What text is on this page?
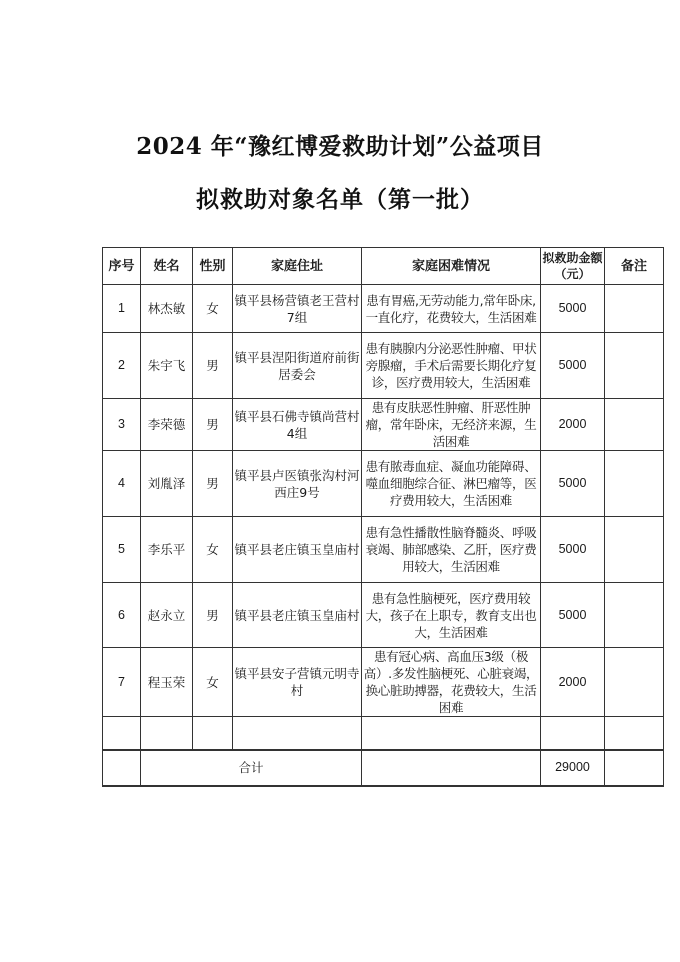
2024 年“豫红博爱救助计划”公益项目
拟救助对象名单（第一批）
序号	姓名	性别	家庭住址	家庭困难情况	拟救助金额（元）	备注
1	林杰敏	女	镇平县杨营镇老王营村7组	患有胃癌,无劳动能力,常年卧床,一直化疗，花费较大，生活困难	5000	
2	朱宇飞	男	镇平县涅阳街道府前街居委会	患有胰腺内分泌恶性肿瘤、甲状旁腺瘤，手术后需要长期化疗复诊，医疗费用较大，生活困难	5000	
3	李荣德	男	镇平县石佛寺镇尚营村4组	患有皮肤恶性肿瘤、肝恶性肿瘤，常年卧床，无经济来源，生活困难	2000	
4	刘胤泽	男	镇平县卢医镇张沟村河西庄9号	患有脓毒血症、凝血功能障碍、噬血细胞综合征、淋巴瘤等，医疗费用较大，生活困难	5000	
5	李乐平	女	镇平县老庄镇玉皇庙村	患有急性播散性脑脊髓炎、呼吸衰竭、肺部感染、乙肝，医疗费用较大，生活困难	5000	
6	赵永立	男	镇平县老庄镇玉皇庙村	患有急性脑梗死，医疗费用较大，孩子在上职专，教育支出也大，生活困难	5000	
7	程玉荣	女	镇平县安子营镇元明寺村	患有冠心病、高血压3级（极高）.多发性脑梗死、心脏衰竭，换心脏助搏器，花费较大，生活困难	2000	

	合计				29000	
